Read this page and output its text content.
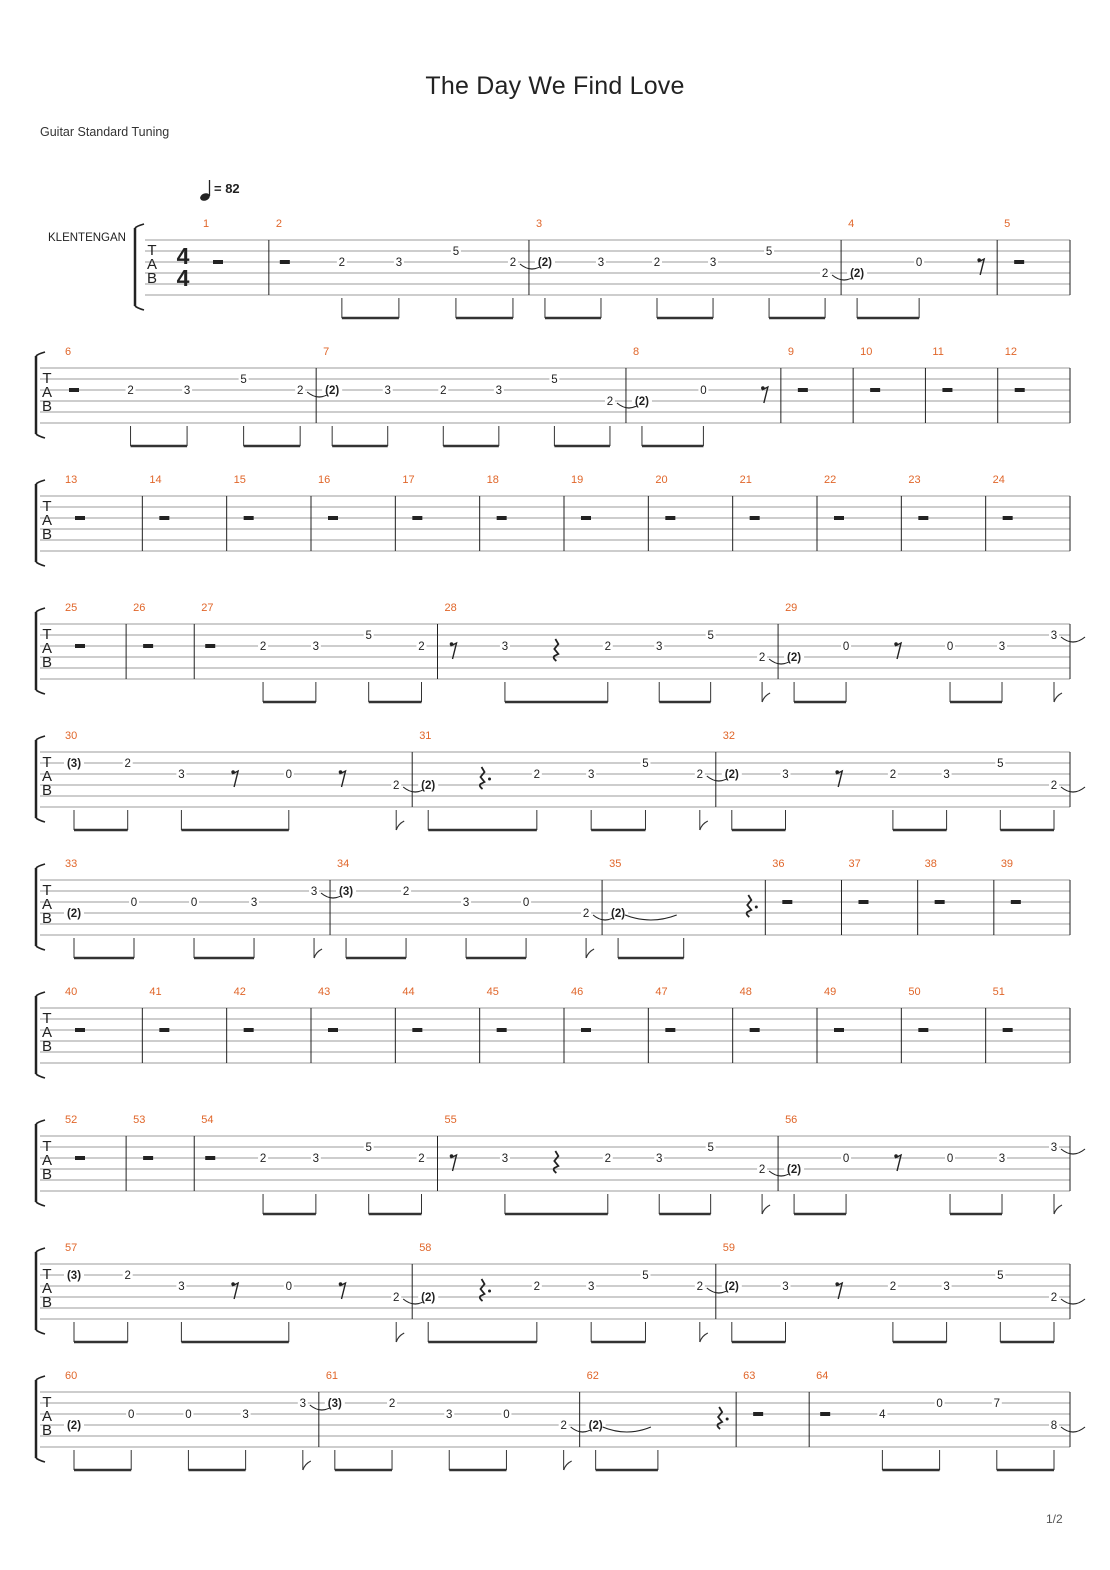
The Day We Find Love
Guitar Standard Tuning
1/2
= 82
KLENTENGAN
T
A
B
4
4
1	2
2	3
5
2
3
(2)	3	2	3
5
2
4
(2)
0
5
T
A
B
6
2	3
5
2
7
(2)	3	2	3
5
2
8
(2)
0
9	10	11	12
T
A
B
13	14	15	16	17	18	19	20	21	22	23	24
T
A
B
25	26	27
2	3
5
2
28
3	2	3
5
2
29
(2)
0	0	3
3
T
A
B
30
(3)	2
3	0
2
31
(2)
2	3
5
2
32
(2)	3	2	3
5
2
T
A
B
33
(2)
0	0	3
3
34
(3)	2
3	0
2
35
(2)
36	37	38	39
T
A
B
40	41	42	43	44	45	46	47	48	49	50	51
T
A
B
52	53	54
2	3
5
2
55
3	2	3
5
2
56
(2)
0	0	3
3
T
A
B
57
(3)	2
3	0
2
58
(2)
2	3
5
2
59
(2)	3	2	3
5
2
T
A
B
60
(2)
0	0	3
3
61
(3)	2
3	0
2
62
(2)
63	64
4
0	7
8
